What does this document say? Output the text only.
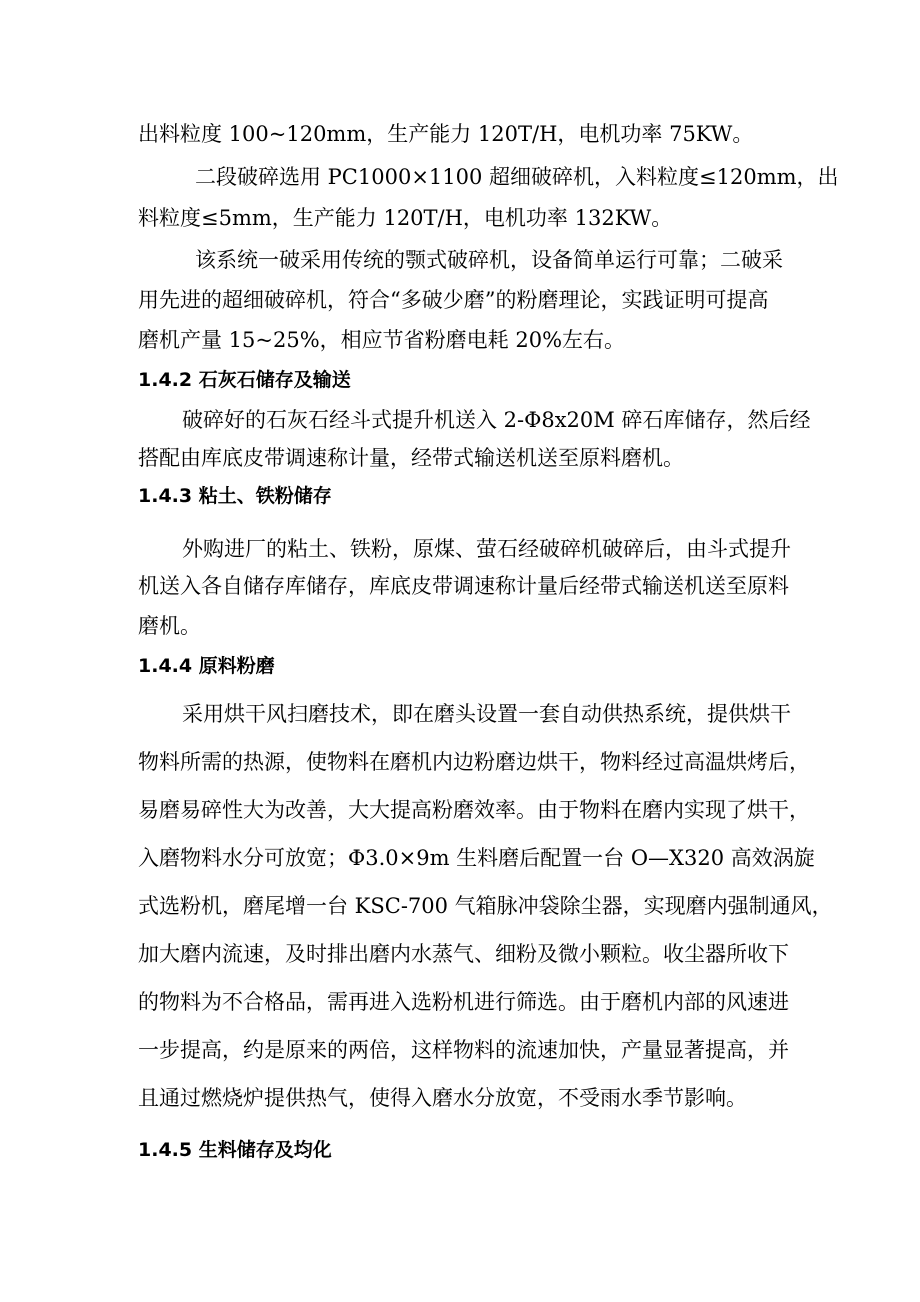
出料粒度 100~120mm，生产能力 120T/H，电机功率 75KW。

二段破碎选用 PC1000×1100 超细破碎机，入料粒度≤120mm，出

料粒度≤5mm，生产能力 120T/H，电机功率 132KW。

该系统一破采用传统的颚式破碎机，设备简单运行可靠；二破采

用先进的超细破碎机，符合“多破少磨”的粉磨理论，实践证明可提高

磨机产量 15~25%，相应节省粉磨电耗 20%左右。

1.4.2 石灰石储存及输送

破碎好的石灰石经斗式提升机送入 2-Φ8x20M 碎石库储存，然后经

搭配由库底皮带调速称计量，经带式输送机送至原料磨机。

1.4.3 粘土、铁粉储存

外购进厂的粘土、铁粉，原煤、萤石经破碎机破碎后，由斗式提升

机送入各自储存库储存，库底皮带调速称计量后经带式输送机送至原料

磨机。

1.4.4 原料粉磨

采用烘干风扫磨技术，即在磨头设置一套自动供热系统，提供烘干

物料所需的热源，使物料在磨机内边粉磨边烘干，物料经过高温烘烤后，

易磨易碎性大为改善，大大提高粉磨效率。由于物料在磨内实现了烘干，

入磨物料水分可放宽；Φ3.0×9m 生料磨后配置一台 O—X320 高效涡旋

式选粉机，磨尾增一台 KSC-700 气箱脉冲袋除尘器，实现磨内强制通风，

加大磨内流速，及时排出磨内水蒸气、细粉及微小颗粒。收尘器所收下

的物料为不合格品，需再进入选粉机进行筛选。由于磨机内部的风速进

一步提高，约是原来的两倍，这样物料的流速加快，产量显著提高，并

且通过燃烧炉提供热气，使得入磨水分放宽，不受雨水季节影响。

1.4.5 生料储存及均化
